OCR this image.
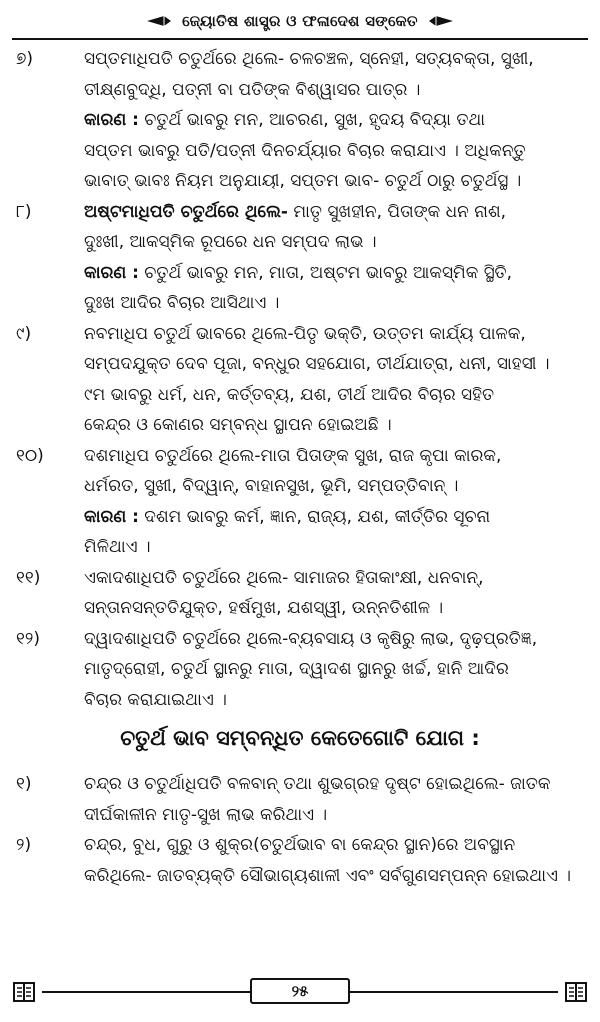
ଜ୍ୟୋତିଷ ଶାସ୍ତ୍ର ଓ ଫଳାଦେଶ ସଙ୍କେତ
୭)	ସପ୍ତମାଧିପତି ଚତୁର୍ଥରେ ଥିଲେ- ଚଳଚଞ୍ଚଳ, ସ୍ନେହୀ, ସତ୍ୟବକ୍ତା, ସୁଖୀ,
ତୀକ୍ଷ୍ଣବୁଦ୍ଧି, ପତ୍ନୀ ବା ପତିଙ୍କ ବିଶ୍ୱାସର ପାତ୍ର ।
କାରଣ : ଚତୁର୍ଥ ଭାବରୁ ମନ, ଆଚରଣ, ସୁଖ, ହୃଦୟ ବିଦ୍ୟା ତଥା
ସପ୍ତମ ଭାବରୁ ପତି/ପତ୍ନୀ ଦିନଚର୍ଯ୍ୟାର ବିଚାର କରାଯାଏ । ଅଧିକନ୍ତୁ
ଭାବାତ୍ ଭାବଃ ନିୟମ ଅନୁଯାୟୀ, ସପ୍ତମ ଭାବ- ଚତୁର୍ଥ ଠାରୁ ଚତୁର୍ଥସ୍ଥ ।
୮)	ଅଷ୍ଟମାଧିପତି ଚତୁର୍ଥରେ ଥିଲେ- ମାତୃ ସୁଖହୀନ, ପିତାଙ୍କ ଧନ ନାଶ,
ଦୁଃଖୀ, ଆକସ୍ମିକ ରୂପରେ ଧନ ସମ୍ପଦ ଲାଭ ।
କାରଣ : ଚତୁର୍ଥ ଭାବରୁ ମନ, ମାତା, ଅଷ୍ଟମ ଭାବରୁ ଆକସ୍ମିକ ସ୍ଥିତି,
ଦୁଃଖ ଆଦିର ବିଚାର ଆସିଥାଏ ।
୯)	ନବମାଧିପ ଚତୁର୍ଥ ଭାବରେ ଥିଲେ-ପିତୃ ଭକ୍ତି, ଉତ୍ତମ କାର୍ଯ୍ୟ ପାଳକ,
ସମ୍ପଦଯୁକ୍ତ ଦେବ ପୂଜା, ବନ୍ଧୁର ସହଯୋଗ, ତୀର୍ଥଯାତ୍ରା, ଧନୀ, ସାହସୀ ।
୯ମ ଭାବରୁ ଧର୍ମ, ଧନ, କର୍ତ୍ତବ୍ୟ, ଯଶ, ତୀର୍ଥ ଆଦିର ବିଚାର ସହିତ
କେନ୍ଦ୍ର ଓ କୋଣର ସମ୍ବନ୍ଧ ସ୍ଥାପନ ହୋଇଅଛି ।
୧୦)	ଦଶମାଧିପ ଚତୁର୍ଥରେ ଥିଲେ-ମାତା ପିତାଙ୍କ ସୁଖ, ରାଜ କୃପା କାରକ,
ଧର୍ମରତ, ସୁଖୀ, ବିଦ୍ୱାନ୍, ବାହାନସୁଖ, ଭୂମି, ସମ୍ପତ୍ତିବାନ୍ ।
କାରଣ : ଦଶମ ଭାବରୁ କର୍ମ, ଜ୍ଞାନ, ରାଜ୍ୟ, ଯଶ, କୀର୍ତ୍ତିର ସୂଚନା
ମିଳିଥାଏ ।
୧୧)	ଏକାଦଶାଧିପତି ଚତୁର୍ଥରେ ଥିଲେ- ସାମାଜର ହିତାକାଂକ୍ଷୀ, ଧନବାନ୍,
ସନ୍ତାନସନ୍ତତିଯୁକ୍ତ, ହର୍ଷମୁଖ, ଯଶସ୍ୱୀ, ଉନ୍ନତିଶୀଳ ।
୧୨)	ଦ୍ୱାଦଶାଧିପତି ଚତୁର୍ଥରେ ଥିଲେ-ବ୍ୟବସାୟ ଓ କୃଷିରୁ ଲାଭ, ଦୃଢ଼ପ୍ରତିଜ୍ଞ,
ମାତୃଦ୍ରୋହୀ, ଚତୁର୍ଥ ସ୍ଥାନରୁ ମାତା, ଦ୍ୱାଦଶ ସ୍ଥାନରୁ ଖର୍ଚ୍ଚ, ହାନି ଆଦିର
ବିଚାର କରାଯାଇଥାଏ ।
ଚତୁର୍ଥ ଭାବ ସମ୍ବନ୍ଧିତ କେତେଗୋଟି ଯୋଗ :
୧)	ଚନ୍ଦ୍ର ଓ ଚତୁର୍ଥାଧିପତି ବଳବାନ୍ ତଥା ଶୁଭଗ୍ରହ ଦୃଷ୍ଟ ହୋଇଥିଲେ- ଜାତକ
ଦୀର୍ଘକାଳୀନ ମାତୃ-ସୁଖ ଲାଭ କରିଥାଏ ।
୨)	ଚନ୍ଦ୍ର, ବୁଧ, ଗୁରୁ ଓ ଶୁକ୍ର(ଚତୁର୍ଥଭାବ ବା କେନ୍ଦ୍ର ସ୍ଥାନ)ରେ ଅବସ୍ଥାନ
କରିଥିଲେ- ଜାତବ୍ୟକ୍ତି ସୌଭାଗ୍ୟଶାଳୀ ଏବଂ ସର୍ବଗୁଣସମ୍ପନ୍ନ ହୋଇଥାଏ ।
୨୫
